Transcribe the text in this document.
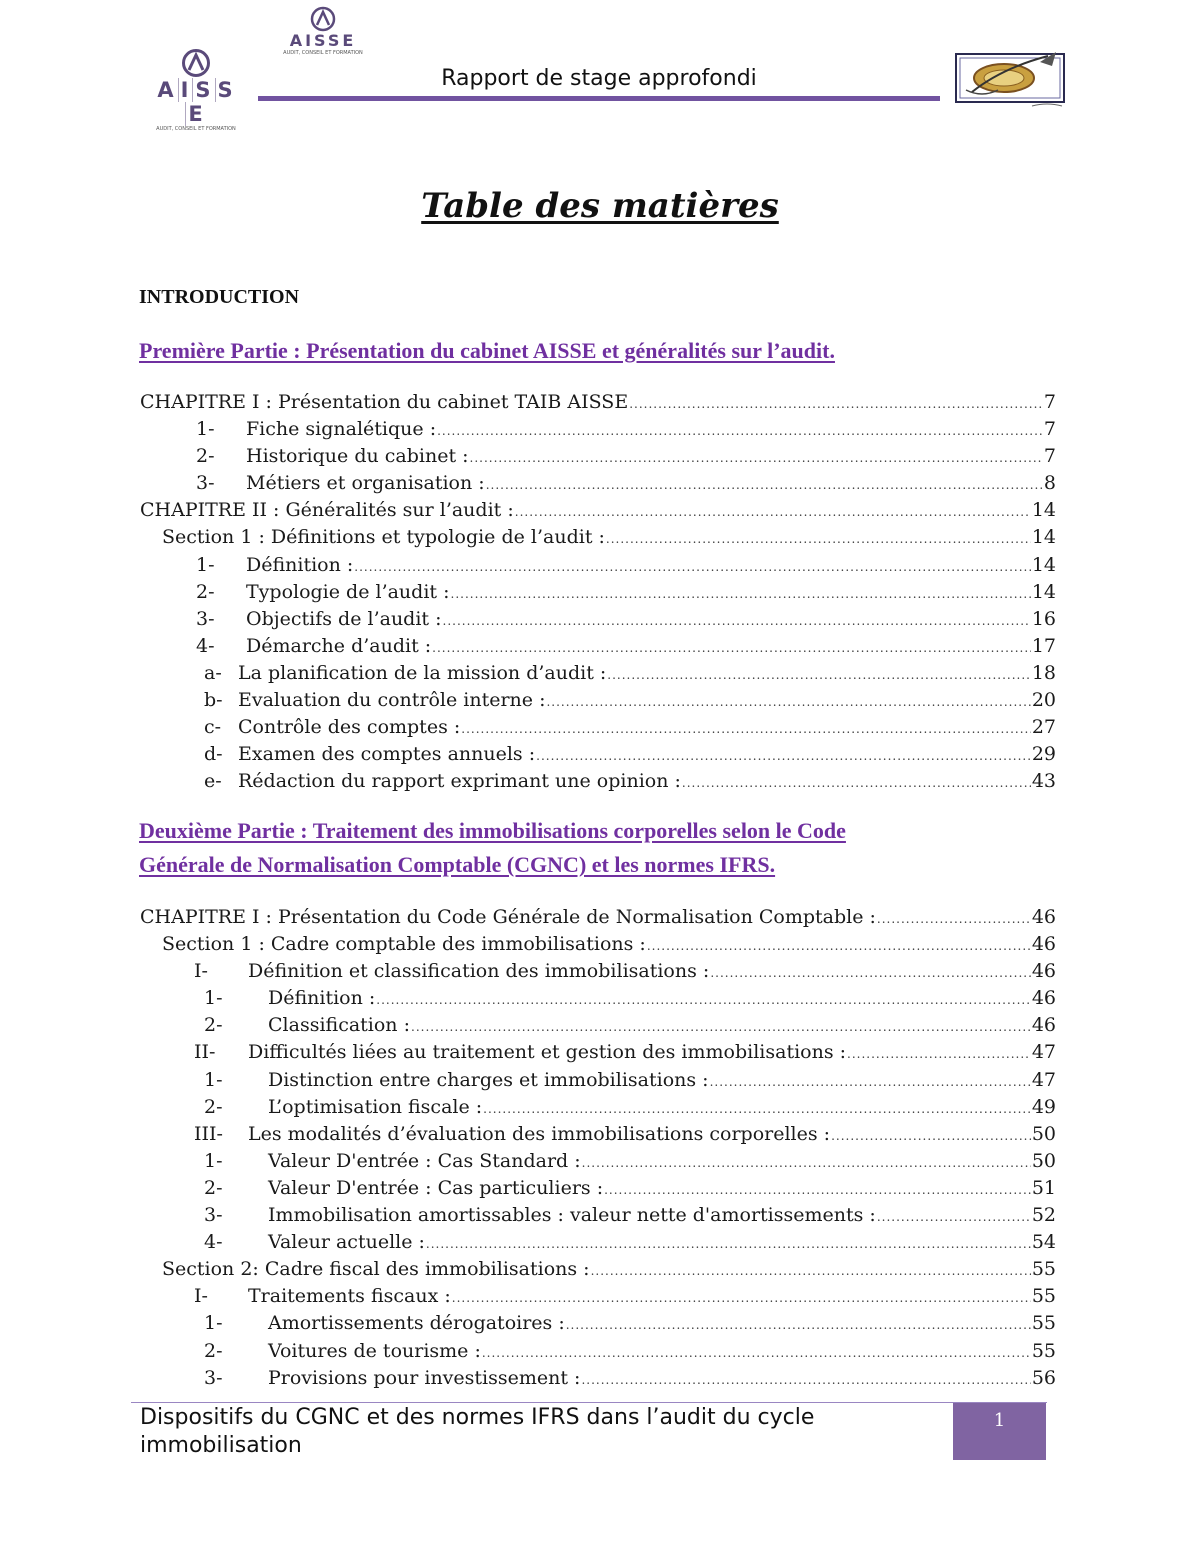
AISSE
AUDIT, CONSEIL ET FORMATION
A I S SE
AUDIT, CONSEIL ET FORMATION
Rapport de stage approfondi
Table des matières
INTRODUCTION
Première Partie : Présentation du cabinet AISSE et généralités sur l’audit.
CHAPITRE I : Présentation du cabinet TAIB AISSE .....	7
1-	Fiche signalétique : .....	7
2-	Historique du cabinet : .....	7
3-	Métiers et organisation : .....	8
CHAPITRE II : Généralités sur l’audit : .....	14
Section 1 : Définitions et typologie de l’audit : .....	14
1-	Définition : .....	14
2-	Typologie de l’audit : .....	14
3-	Objectifs de l’audit : .....	16
4-	Démarche d’audit : .....	17
a- La planification de la mission d’audit : .....	18
b- Evaluation du contrôle interne : .....	20
c- Contrôle des comptes : .....	27
d- Examen des comptes annuels : .....	29
e- Rédaction du rapport exprimant une opinion : .....	43
Deuxième Partie : Traitement des immobilisations corporelles selon le Code
Générale de Normalisation Comptable (CGNC) et les normes IFRS.
CHAPITRE I : Présentation du Code Générale de Normalisation Comptable : .....	46
Section 1 : Cadre comptable des immobilisations : .....	46
I-	Définition et classification des immobilisations : .....	46
1-	Définition : .....	46
2-	Classification : .....	46
II-	Difficultés liées au traitement et gestion des immobilisations : .....	47
1-	Distinction entre charges et immobilisations : .....	47
2-	L’optimisation fiscale : .....	49
III-	Les modalités d’évaluation des immobilisations corporelles : .....	50
1-	Valeur D'entrée : Cas Standard : .....	50
2-	Valeur D'entrée : Cas particuliers : .....	51
3-	Immobilisation amortissables : valeur nette d'amortissements : .....	52
4-	Valeur actuelle : .....	54
Section 2: Cadre fiscal des immobilisations : .....	55
I-	Traitements fiscaux : .....	55
1-	Amortissements dérogatoires : .....	55
2-	Voitures de tourisme : .....	55
3-	Provisions pour investissement : .....	56
Dispositifs du CGNC et des normes IFRS dans l’audit du cycle immobilisation
1
